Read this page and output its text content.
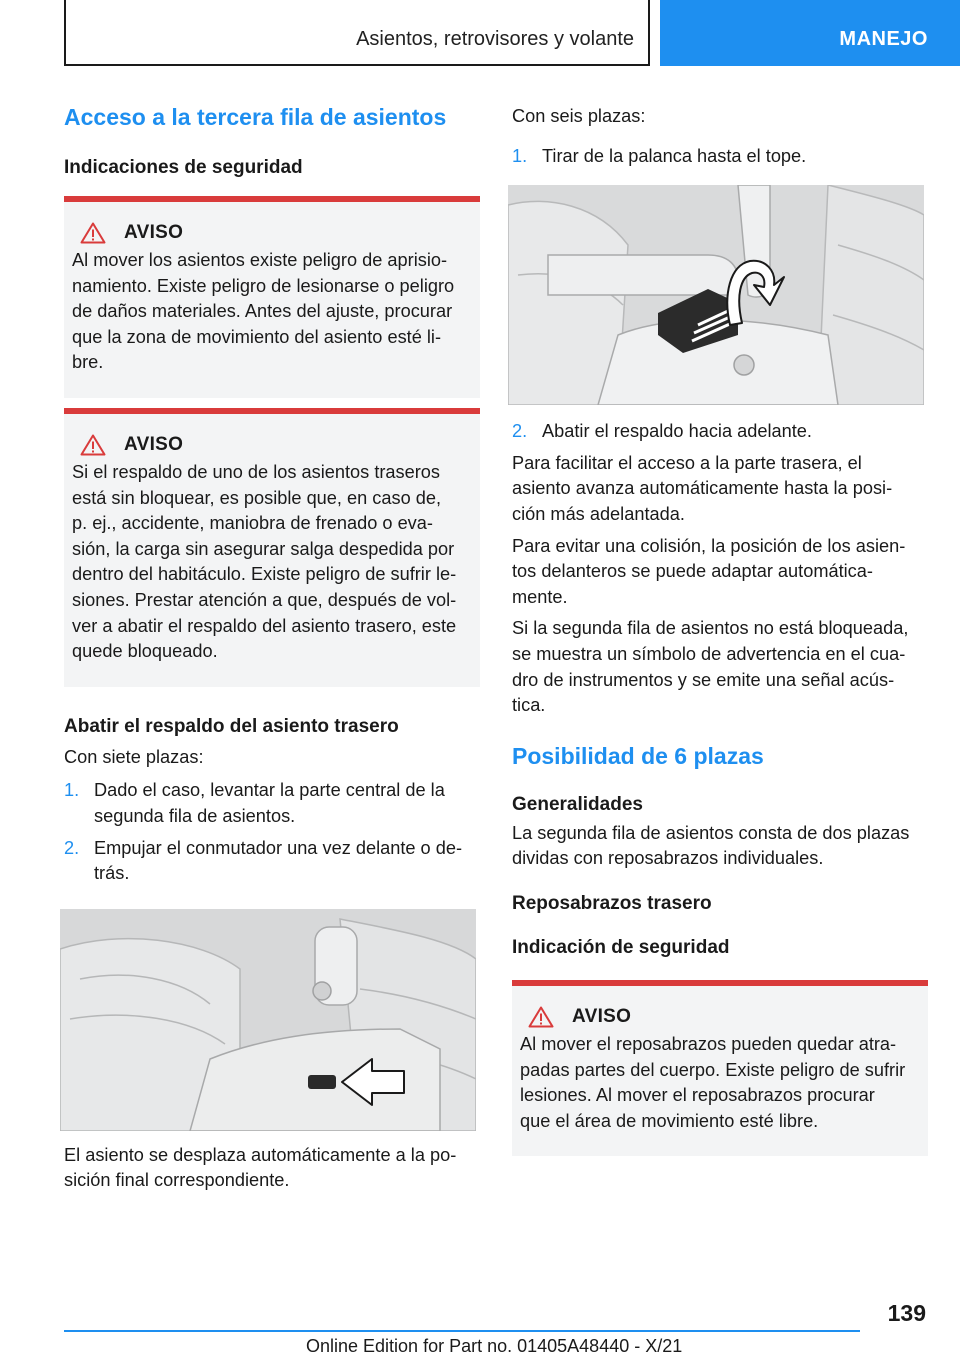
Asientos, retrovisores y volante	MANEJO
Acceso a la tercera fila de asientos
Indicaciones de seguridad
AVISO
Al mover los asientos existe peligro de aprisio-
namiento. Existe peligro de lesionarse o peligro
de daños materiales. Antes del ajuste, procurar
que la zona de movimiento del asiento esté li-
bre.
AVISO
Si el respaldo de uno de los asientos traseros
está sin bloquear, es posible que, en caso de,
p. ej., accidente, maniobra de frenado o eva-
sión, la carga sin asegurar salga despedida por
dentro del habitáculo. Existe peligro de sufrir le-
siones. Prestar atención a que, después de vol-
ver a abatir el respaldo del asiento trasero, este
quede bloqueado.
Abatir el respaldo del asiento trasero
Con siete plazas:
1. Dado el caso, levantar la parte central de la
segunda fila de asientos.
2. Empujar el conmutador una vez delante o de-
trás.
El asiento se desplaza automáticamente a la po-
sición final correspondiente.
Con seis plazas:
1. Tirar de la palanca hasta el tope.
2. Abatir el respaldo hacia adelante.
Para facilitar el acceso a la parte trasera, el
asiento avanza automáticamente hasta la posi-
ción más adelantada.
Para evitar una colisión, la posición de los asien-
tos delanteros se puede adaptar automática-
mente.
Si la segunda fila de asientos no está bloqueada,
se muestra un símbolo de advertencia en el cua-
dro de instrumentos y se emite una señal acús-
tica.
Posibilidad de 6 plazas
Generalidades
La segunda fila de asientos consta de dos plazas
dividas con reposabrazos individuales.
Reposabrazos trasero
Indicación de seguridad
AVISO
Al mover el reposabrazos pueden quedar atra-
padas partes del cuerpo. Existe peligro de sufrir
lesiones. Al mover el reposabrazos procurar
que el área de movimiento esté libre.
139
Online Edition for Part no. 01405A48440 - X/21
